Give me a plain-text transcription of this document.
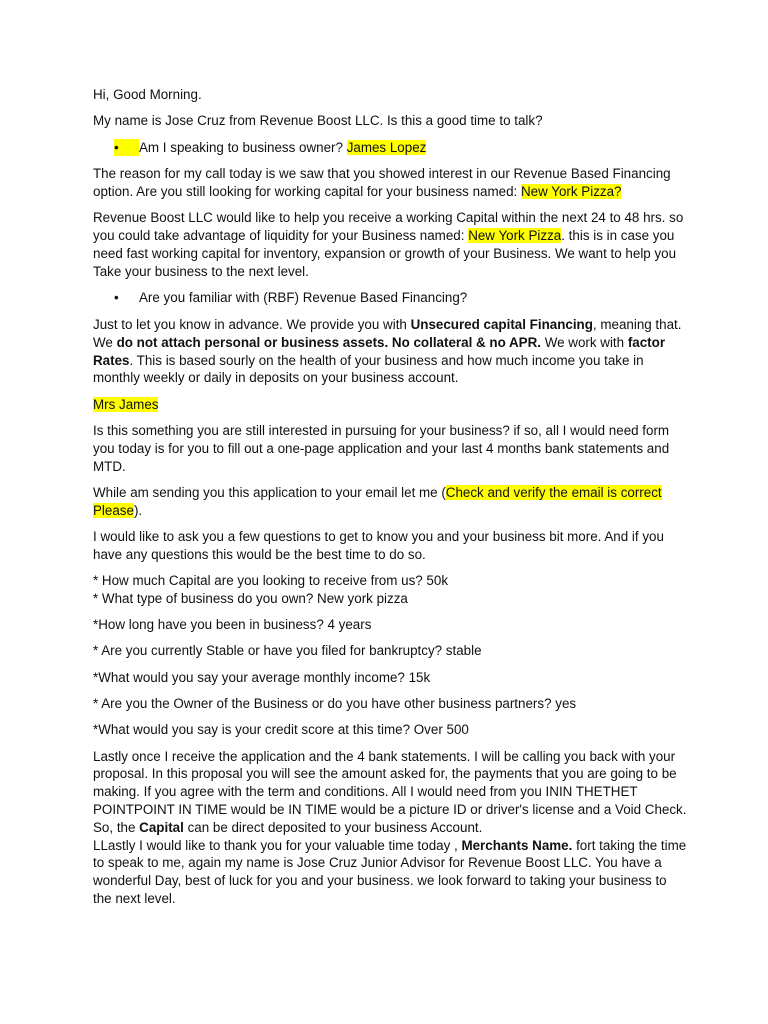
Hi, Good Morning.

My name is Jose Cruz from Revenue Boost LLC. Is this a good time to talk?

•	Am I speaking to business owner? James Lopez

The reason for my call today is we saw that you showed interest in our Revenue Based Financing option. Are you still looking for working capital for your business named: New York Pizza?

Revenue Boost LLC would like to help you receive a working Capital within the next 24 to 48 hrs. so you could take advantage of liquidity for your Business named: New York Pizza. this is in case you need fast working capital for inventory, expansion or growth of your Business. We want to help you Take your business to the next level.

•	Are you familiar with (RBF) Revenue Based Financing?

Just to let you know in advance. We provide you with Unsecured capital Financing, meaning that. We do not attach personal or business assets. No collateral & no APR. We work with factor Rates. This is based sourly on the health of your business and how much income you take in monthly weekly or daily in deposits on your business account.

Mrs James

Is this something you are still interested in pursuing for your business? if so, all I would need form you today is for you to fill out a one-page application and your last 4 months bank statements and MTD.

While am sending you this application to your email let me (Check and verify the email is correct Please).

I would like to ask you a few questions to get to know you and your business bit more. And if you have any questions this would be the best time to do so.

* How much Capital are you looking to receive from us? 50k

* What type of business do you own? New york pizza

*How long have you been in business? 4 years

* Are you currently Stable or have you filed for bankruptcy? stable

*What would you say your average monthly income? 15k

* Are you the Owner of the Business or do you have other business partners? yes

*What would you say is your credit score at this time? Over 500

Lastly once I receive the application and the 4 bank statements. I will be calling you back with your proposal. In this proposal you will see the amount asked for, the payments that you are going to be making. If you agree with the term and conditions. All I would need from you ININ THETHET POINTPOINT IN TIME would be IN TIME would be a picture ID or driver's license and a Void Check. So, the Capital can be direct deposited to your business Account.

LLastly I would like to thank you for your valuable time today , Merchants Name. fort taking the time to speak to me, again my name is Jose Cruz Junior Advisor for Revenue Boost LLC. You have a wonderful Day, best of luck for you and your business. we look forward to taking your business to the next level.
